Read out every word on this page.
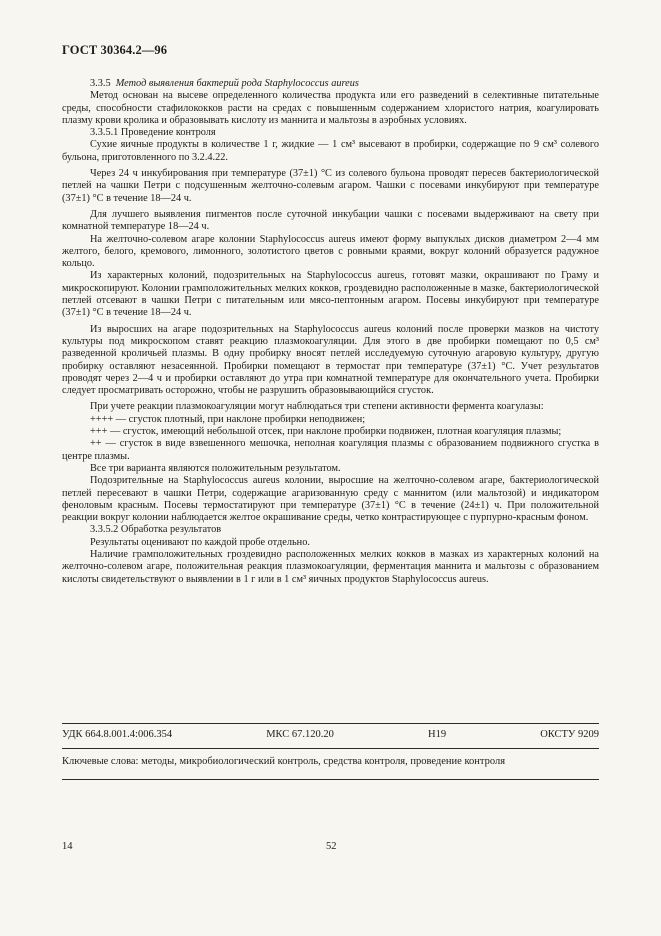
ГОСТ 30364.2—96

3.3.5 Метод выявления бактерий рода Staphylococcus aureus

Метод основан на высеве определенного количества продукта или его разведений в селективные питательные среды, способности стафилококков расти на средах с повышенным содержанием хлористого натрия, коагулировать плазму крови кролика и образовывать кислоту из маннита и мальтозы в аэробных условиях.

3.3.5.1 Проведение контроля

Сухие яичные продукты в количестве 1 г, жидкие — 1 см³ высевают в пробирки, содержащие по 9 см³ солевого бульона, приготовленного по 3.2.4.22.

Через 24 ч инкубирования при температуре (37±1) °С из солевого бульона проводят пересев бактериологической петлей на чашки Петри с подсушенным желточно-солевым агаром. Чашки с посевами инкубируют при температуре (37±1) °С в течение 18—24 ч.

Для лучшего выявления пигментов после суточной инкубации чашки с посевами выдерживают на свету при комнатной температуре 18—24 ч.

На желточно-солевом агаре колонии Staphylococcus aureus имеют форму выпуклых дисков диаметром 2—4 мм желтого, белого, кремового, лимонного, золотистого цветов с ровными краями, вокруг колоний образуется радужное кольцо.

Из характерных колоний, подозрительных на Staphylococcus aureus, готовят мазки, окрашивают по Граму и микроскопируют. Колонии грамположительных мелких кокков, гроздевидно расположенные в мазке, бактериологической петлей отсевают в чашки Петри с питательным или мясо-пептонным агаром. Посевы инкубируют при температуре (37±1) °С в течение 18—24 ч.

Из выросших на агаре подозрительных на Staphylococcus aureus колоний после проверки мазков на чистоту культуры под микроскопом ставят реакцию плазмокоагуляции. Для этого в две пробирки помещают по 0,5 см³ разведенной кроличьей плазмы. В одну пробирку вносят петлей исследуемую суточную агаровую культуру, другую пробирку оставляют незасеянной. Пробирки помещают в термостат при температуре (37±1) °С. Учет результатов проводят через 2—4 ч и пробирки оставляют до утра при комнатной температуре для окончательного учета. Пробирки следует просматривать осторожно, чтобы не разрушить образовывающийся сгусток.

При учете реакции плазмокоагуляции могут наблюдаться три степени активности фермента коагулазы:

++++ — сгусток плотный, при наклоне пробирки неподвижен;

+++ — сгусток, имеющий небольшой отсек, при наклоне пробирки подвижен, плотная коагуляция плазмы;

++ — сгусток в виде взвешенного мешочка, неполная коагуляция плазмы с образованием подвижного сгустка в центре плазмы.

Все три варианта являются положительным результатом.

Подозрительные на Staphylococcus aureus колонии, выросшие на желточно-солевом агаре, бактериологической петлей пересевают в чашки Петри, содержащие агаризованную среду с маннитом (или мальтозой) и индикатором феноловым красным. Посевы термостатируют при температуре (37±1) °С в течение (24±1) ч. При положительной реакции вокруг колонии наблюдается желтое окрашивание среды, четко контрастирующее с пурпурно-красным фоном.

3.3.5.2 Обработка результатов

Результаты оценивают по каждой пробе отдельно.

Наличие грамположительных гроздевидно расположенных мелких кокков в мазках из характерных колоний на желточно-солевом агаре, положительная реакция плазмокоагуляции, ферментация маннита и мальтозы с образованием кислоты свидетельствуют о выявлении в 1 г или в 1 см³ яичных продуктов Staphylococcus aureus.

УДК 664.8.001.4:006.354	МКС 67.120.20	H19	ОКСТУ 9209
Ключевые слова: методы, микробиологический контроль, средства контроля, проведение контроля
14	52
